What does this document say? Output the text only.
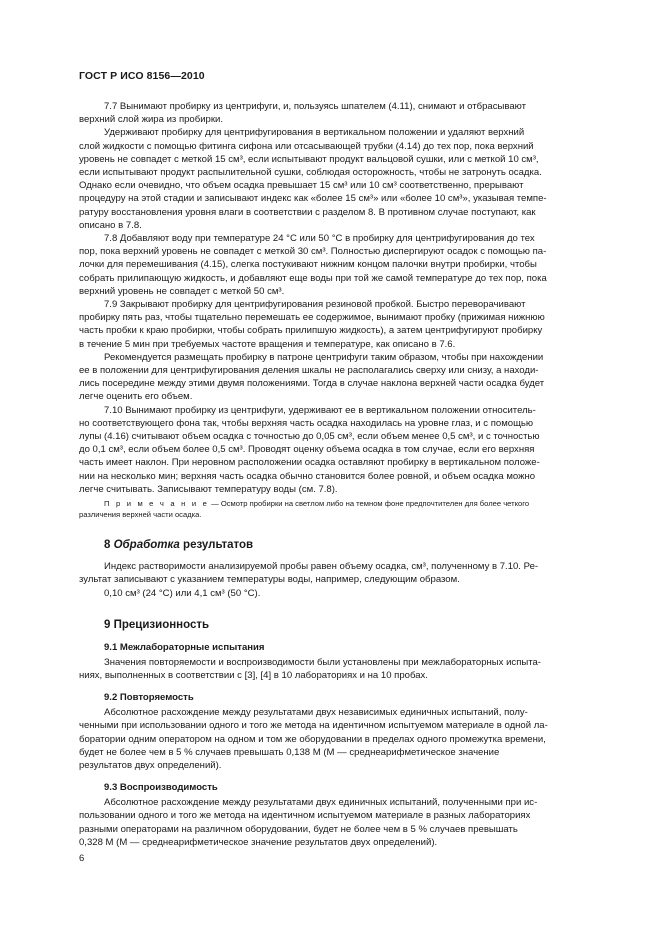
ГОСТ Р ИСО 8156—2010

7.7 Вынимают пробирку из центрифуги, и, пользуясь шпателем (4.11), снимают и отбрасывают
верхний слой жира из пробирки.

Удерживают пробирку для центрифугирования в вертикальном положении и удаляют верхний
слой жидкости с помощью фитинга сифона или отсасывающей трубки (4.14) до тех пор, пока верхний
уровень не совпадет с меткой 15 см³, если испытывают продукт вальцовой сушки, или с меткой 10 см³,
если испытывают продукт распылительной сушки, соблюдая осторожность, чтобы не затронуть осадка.
Однако если очевидно, что объем осадка превышает 15 см³ или 10 см³ соответственно, прерывают
процедуру на этой стадии и записывают индекс как «более 15 см³» или «более 10 см³», указывая темпе-
ратуру восстановления уровня влаги в соответствии с разделом 8. В противном случае поступают, как
описано в 7.8.

7.8 Добавляют воду при температуре 24 °С или 50 °С в пробирку для центрифугирования до тех
пор, пока верхний уровень не совпадет с меткой 30 см³. Полностью диспергируют осадок с помощью па-
лочки для перемешивания (4.15), слегка постукивают нижним концом палочки внутри пробирки, чтобы
собрать прилипающую жидкость, и добавляют еще воды при той же самой температуре до тех пор, пока
верхний уровень не совпадет с меткой 50 см³.

7.9 Закрывают пробирку для центрифугирования резиновой пробкой. Быстро переворачивают
пробирку пять раз, чтобы тщательно перемешать ее содержимое, вынимают пробку (прижимая нижнюю
часть пробки к краю пробирки, чтобы собрать прилипшую жидкость), а затем центрифугируют пробирку
в течение 5 мин при требуемых частоте вращения и температуре, как описано в 7.6.

Рекомендуется размещать пробирку в патроне центрифуги таким образом, чтобы при нахождении
ее в положении для центрифугирования деления шкалы не располагались сверху или снизу, а находи-
лись посередине между этими двумя положениями. Тогда в случае наклона верхней части осадка будет
легче оценить его объем.

7.10 Вынимают пробирку из центрифуги, удерживают ее в вертикальном положении относитель-
но соответствующего фона так, чтобы верхняя часть осадка находилась на уровне глаз, и с помощью
лупы (4.16) считывают объем осадка с точностью до 0,05 см³, если объем менее 0,5 см³, и с точностью
до 0,1 см³, если объем более 0,5 см³. Проводят оценку объема осадка в том случае, если его верхняя
часть имеет наклон. При неровном расположении осадка оставляют пробирку в вертикальном положе-
нии на несколько мин; верхняя часть осадка обычно становится более ровной, и объем осадка можно
легче считывать. Записывают температуру воды (см. 7.8).

П р и м е ч а н и е — Осмотр пробирки на светлом либо на темном фоне предпочтителен для более четкого
различения верхней части осадка.
8 Обработка результатов

Индекс растворимости анализируемой пробы равен объему осадка, см³, полученному в 7.10. Ре-
зультат записывают с указанием температуры воды, например, следующим образом.

0,10 см³ (24 °С) или 4,1 см³ (50 °С).

9 Прецизионность
9.1 Межлабораторные испытания

Значения повторяемости и воспроизводимости были установлены при межлабораторных испыта-
ниях, выполненных в соответствии с [3], [4] в 10 лабораториях и на 10 пробах.

9.2 Повторяемость

Абсолютное расхождение между результатами двух независимых единичных испытаний, полу-
ченными при использовании одного и того же метода на идентичном испытуемом материале в одной ла-
боратории одним оператором на одном и том же оборудовании в пределах одного промежутка времени,
будет не более чем в 5 % случаев превышать 0,138 М (М — среднеарифметическое значение
результатов двух определений).

9.3 Воспроизводимость

Абсолютное расхождение между результатами двух единичных испытаний, полученными при ис-
пользовании одного и того же метода на идентичном испытуемом материале в разных лабораториях
разными операторами на различном оборудовании, будет не более чем в 5 % случаев превышать
0,328 М (М — среднеарифметическое значение результатов двух определений).

6
